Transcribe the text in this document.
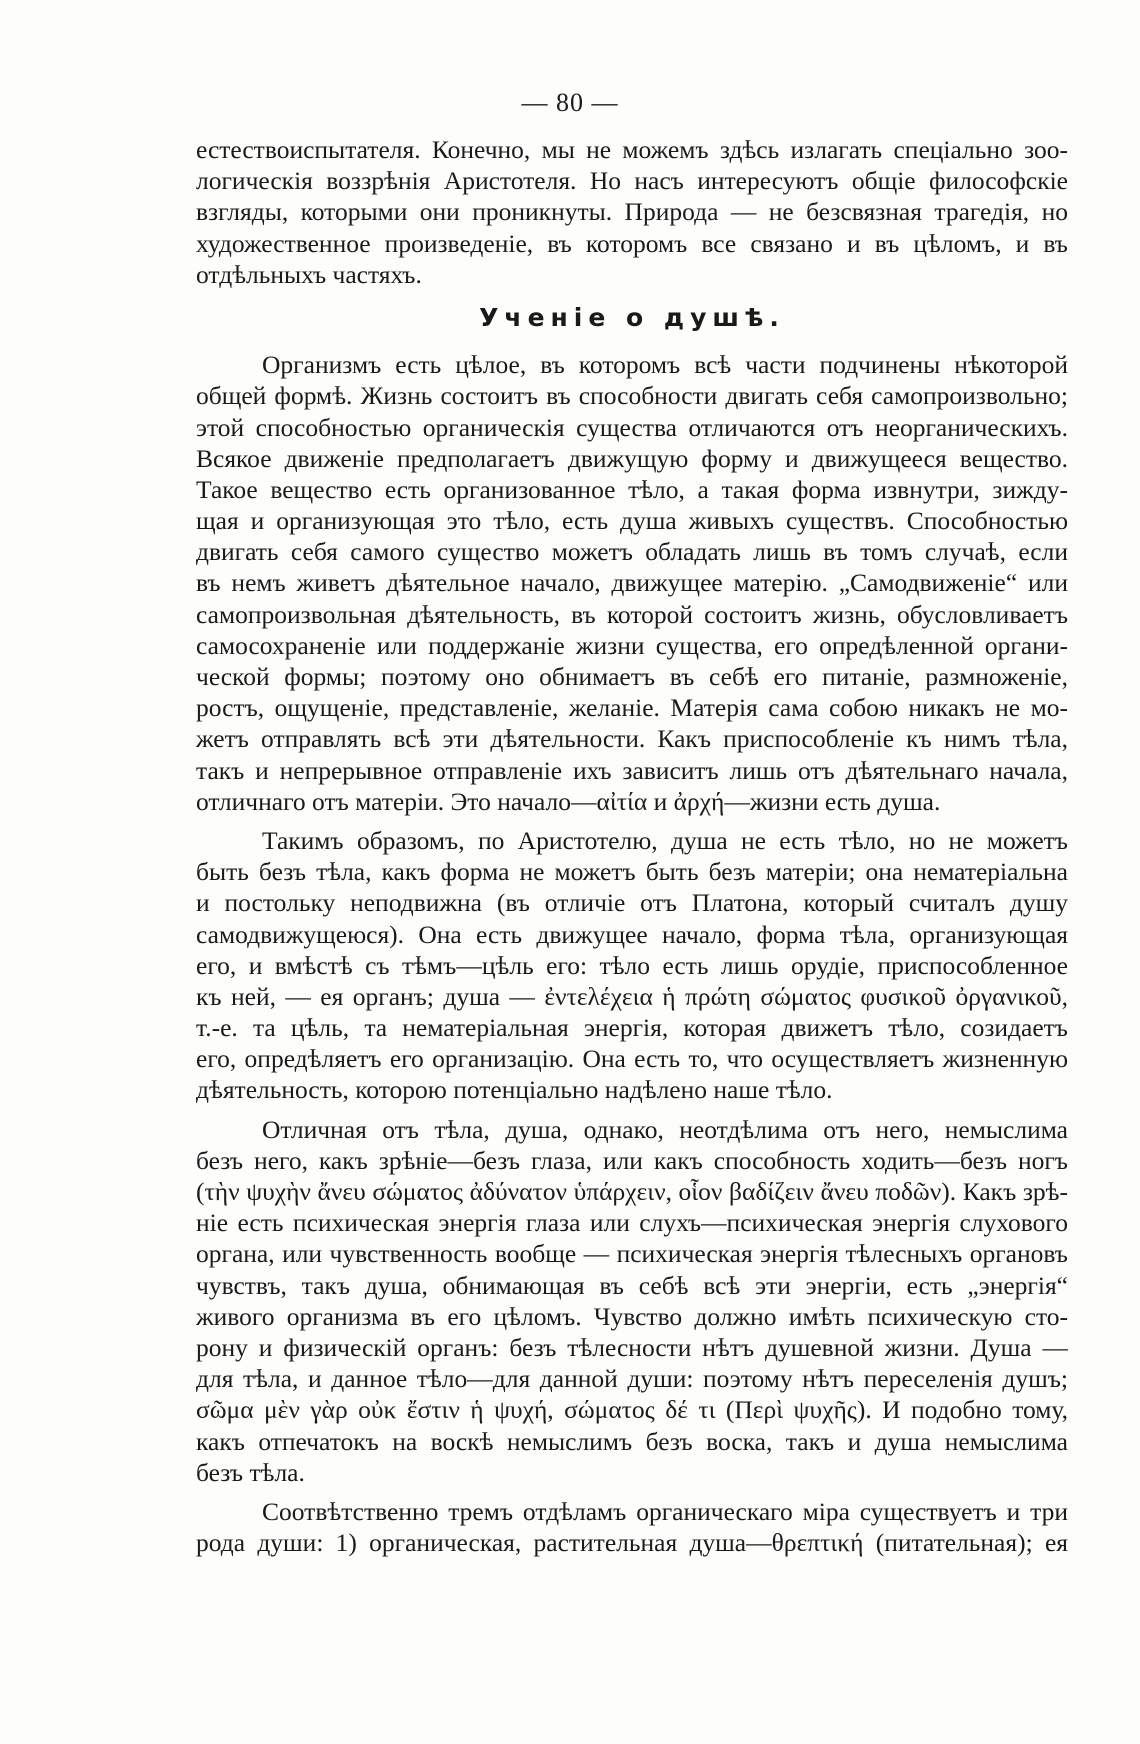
— 80 —
естествоиспытателя. Конечно, мы не можемъ здѣсь излагать спеціально зоо-
логическія воззрѣнія Аристотеля. Но насъ интересуютъ общіе философскіе
взгляды, которыми они проникнуты. Природа — не безсвязная трагедія, но
художественное произведеніе, въ которомъ все связано и въ цѣломъ, и въ
отдѣльныхъ частяхъ.
Ученіе о душѣ.
Организмъ есть цѣлое, въ которомъ всѣ части подчинены нѣкоторой
общей формѣ. Жизнь состоитъ въ способности двигать себя самопроизвольно;
этой способностью органическія существа отличаются отъ неорганическихъ.
Всякое движеніе предполагаетъ движущую форму и движущееся вещество.
Такое вещество есть организованное тѣло, а такая форма извнутри, зижду-
щая и организующая это тѣло, есть душа живыхъ существъ. Способностью
двигать себя самого существо можетъ обладать лишь въ томъ случаѣ, если
въ немъ живетъ дѣятельное начало, движущее матерію. „Самодвиженіе“ или
самопроизвольная дѣятельность, въ которой состоитъ жизнь, обусловливаетъ
самосохраненіе или поддержаніе жизни существа, его опредѣленной органи-
ческой формы; поэтому оно обнимаетъ въ себѣ его питаніе, размноженіе,
ростъ, ощущеніе, представленіе, желаніе. Матерія сама собою никакъ не мо-
жетъ отправлять всѣ эти дѣятельности. Какъ приспособленіе къ нимъ тѣла,
такъ и непрерывное отправленіе ихъ зависитъ лишь отъ дѣятельнаго начала,
отличнаго отъ матеріи. Это начало—αἰτία и ἀρχή—жизни есть душа.
Такимъ образомъ, по Аристотелю, душа не есть тѣло, но не можетъ
быть безъ тѣла, какъ форма не можетъ быть безъ матеріи; она нематеріальна
и постольку неподвижна (въ отличіе отъ Платона, который считалъ душу
самодвижущеюся). Она есть движущее начало, форма тѣла, организующая
его, и вмѣстѣ съ тѣмъ—цѣль его: тѣло есть лишь орудіе, приспособленное
къ ней, — ея органъ; душа — ἐντελέχεια ἡ πρώτη σώματος φυσικοῦ ὀργανικοῦ,
т.-е. та цѣль, та нематеріальная энергія, которая движетъ тѣло, созидаетъ
его, опредѣляетъ его организацію. Она есть то, что осуществляетъ жизненную
дѣятельность, которою потенціально надѣлено наше тѣло.
Отличная отъ тѣла, душа, однако, неотдѣлима отъ него, немыслима
безъ него, какъ зрѣніе—безъ глаза, или какъ способность ходить—безъ ногъ
(τὴν ψυχὴν ἄνευ σώματος ἀδύνατον ὑπάρχειν, οἷον βαδίζειν ἄνευ ποδῶν). Какъ зрѣ-
ніе есть психическая энергія глаза или слухъ—психическая энергія слухового
органа, или чувственность вообще — психическая энергія тѣлесныхъ органовъ
чувствъ, такъ душа, обнимающая въ себѣ всѣ эти энергіи, есть „энергія“
живого организма въ его цѣломъ. Чувство должно имѣть психическую сто-
рону и физическій органъ: безъ тѣлесности нѣтъ душевной жизни. Душа —
для тѣла, и данное тѣло—для данной души: поэтому нѣтъ переселенія душъ;
σῶμα μὲν γὰρ οὐκ ἔστιν ἡ ψυχή, σώματος δέ τι (Περὶ ψυχῆς). И подобно тому,
какъ отпечатокъ на воскѣ немыслимъ безъ воска, такъ и душа немыслима
безъ тѣла.
Соотвѣтственно тремъ отдѣламъ органическаго міра существуетъ и три
рода души: 1) органическая, растительная душа—θρεπτική (питательная); ея
